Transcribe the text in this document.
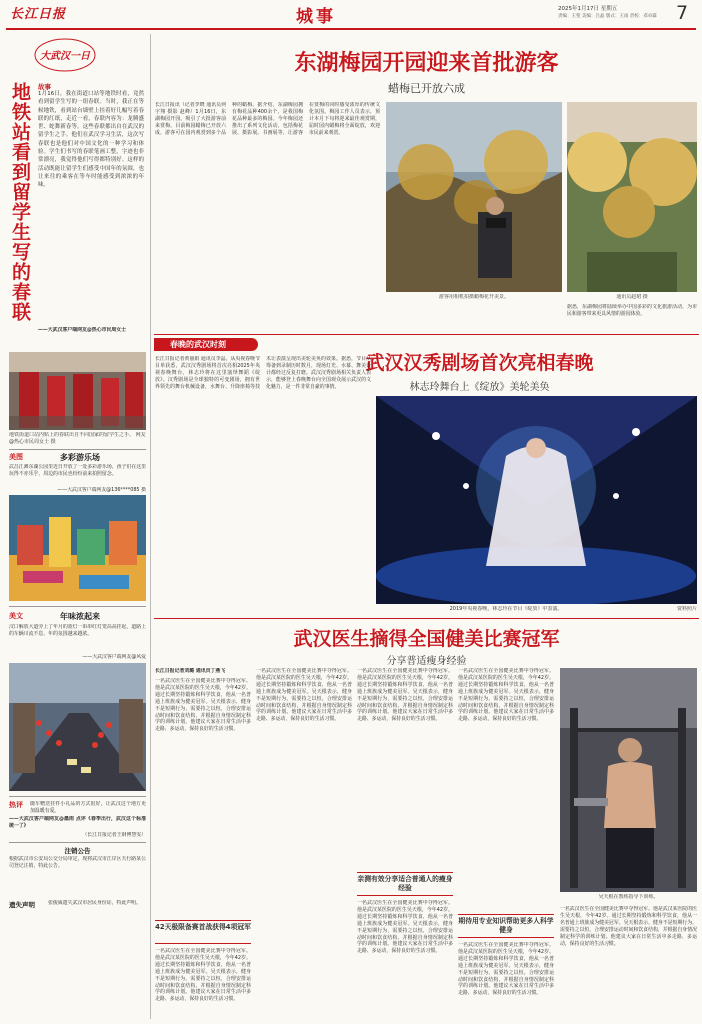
长江日报	城事	2025年1月17日 星期五
责编：王堃 美编：吕晶 版式：王雨 责校：邓卓霖 7
大武汉一日
地铁站看到留学生写的春联 故事
1月16日，我在街道口站等地铁时看，竟然看到留学生写的一组春联。当时，我正在等候地铁，看到站台墙壁上挂着好几幅写着春联的红纸，走近一看，春联内容为：龙腾盛世、蛇舞新春等。这些春联都出自在武汉的留学生之手。他们在武汉学习生活，这次写春联也是他们对中国文化的一种学习和体验。学生们书写的春联笔画工整，字迹也非常漂亮，我觉得他们写得都特别好。这样的活动既能让留学生们感受中国年的氛围，也让来往的乘客在等车时能感受到浓浓的年味。
——大武汉客户端网友@热心市民周女士
地铁街道口站内贴上的春联出自不同国家的留学生之手。 网友@热心市民周女士 摄
美图	多彩游乐场
武昌江滩东湖公园里近日开放了一处多彩游乐场，孩子们在这里玩得不亦乐乎，周边的市民也纷纷前来拍照留念。
——大武汉客户端网友@136****085 摄
美文	年味浓起来
汉口解放大道旁上了年月的蓝灯一串串红灯笼高高挂起，道路上的车辆川流不息，年的氛围越来越浓。
——大武汉客户端网友@风爱
热评 随车赠送挂件小礼品的方式很好，让武汉这个地方更加温暖有爱。
——大武汉客户端网友@墨雨 点评《春季出行，武汉这个标准统一了》
（长江日报记者王钢傅慧雯）
注销公告
根据武汉市公安局公交分局审定，现将武汉市江岸区天行路某公司登记注销，特此公告。
遗失声明	张俊威遗失武汉市居民身份证，特此声明。
东湖梅园开园迎来首批游客
蜡梅已开放六成
长江日报讯（记者李晓 通讯员何宇翔 摄影 赵峰）1月16日，东湖梅园开园，吸引了大批游客前来赏梅。目前梅园蜡梅已开放六成，游客可在园内观赏到多个品种的蜡梅。据介绍，东湖梅园拥有梅花品种400余个，是我国梅花品种最多的梅园。今年梅园还推出了系列文化活动，包括梅花展、摄影展、书画展等，让游客在赏梅的同时感受浓厚的传统文化氛围。梅园工作人员表示，预计本月下旬将迎来最佳观赏期，届时园内蜡梅将全面绽放，欢迎市民前来观赏。
游客用相机拍摄蜡梅花开美景。	通讯员赵珺 摄
据悉，东湖梅园将陆续举办中国多彩的文化旅游活动，为市民和游客带来更具风情的游园体验。
春晚的武汉时刻
武汉汉秀剧场首次亮相春晚
林志玲舞台上《绽放》美轮美奂
长江日报记者黄丽娟 通讯员李晶。从央视春晚节目单获悉，武汉汉秀剧场将首次亮相2025年央视春晚舞台，林志玲将在这里演绎舞蹈《绽放》。汉秀剧场是全球独特的可变剧场，拥有世界领先的舞台机械设备，水舞台、升降座椅等技术让表演呈现出美轮美奂的效果。据悉，节目从筹备到录制历时数月，现场灯光、水幕、舞美设计都经过反复打磨。武汉汉秀剧场相关负责人表示，能够登上春晚舞台向全国观众展示武汉的文化魅力，是一件非常自豪的事情。
2019年央视春晚，林志玲在节目《绽放》中表演。	资料照片
武汉医生摘得全国健美比赛冠军
分享普适瘦身经验
长江日报记者刘璐 通讯员丁燕飞
一名武汉医生在全国健美比赛中夺得冠军。他是武汉某医院的医生吴天根，今年42岁。通过长期坚持锻炼和科学饮食，他从一名普通上班族成为健美冠军。吴天根表示，健身不是短期行为，需要持之以恒，合理安排运动时间和饮食结构，并根据自身情况制定科学的训练计划。他建议大家在日常生活中多走路、多运动，保持良好的生活习惯。
42天极限备赛首战获得4项冠军
一名武汉医生在全国健美比赛中夺得冠军。他是武汉某医院的医生吴天根，今年42岁。通过长期坚持锻炼和科学饮食，他从一名普通上班族成为健美冠军。吴天根表示，健身不是短期行为，需要持之以恒，合理安排运动时间和饮食结构，并根据自身情况制定科学的训练计划。他建议大家在日常生活中多走路、多运动，保持良好的生活习惯。
一名武汉医生在全国健美比赛中夺得冠军。他是武汉某医院的医生吴天根，今年42岁。通过长期坚持锻炼和科学饮食，他从一名普通上班族成为健美冠军。吴天根表示，健身不是短期行为，需要持之以恒，合理安排运动时间和饮食结构，并根据自身情况制定科学的训练计划。他建议大家在日常生活中多走路、多运动，保持良好的生活习惯。
一名武汉医生在全国健美比赛中夺得冠军。他是武汉某医院的医生吴天根，今年42岁。通过长期坚持锻炼和科学饮食，他从一名普通上班族成为健美冠军。吴天根表示，健身不是短期行为，需要持之以恒，合理安排运动时间和饮食结构，并根据自身情况制定科学的训练计划。他建议大家在日常生活中多走路、多运动，保持良好的生活习惯。
亲测有效分享适合普通人的瘦身经验
一名武汉医生在全国健美比赛中夺得冠军。他是武汉某医院的医生吴天根，今年42岁。通过长期坚持锻炼和科学饮食，他从一名普通上班族成为健美冠军。吴天根表示，健身不是短期行为，需要持之以恒，合理安排运动时间和饮食结构，并根据自身情况制定科学的训练计划。他建议大家在日常生活中多走路、多运动，保持良好的生活习惯。
一名武汉医生在全国健美比赛中夺得冠军。他是武汉某医院的医生吴天根，今年42岁。通过长期坚持锻炼和科学饮食，他从一名普通上班族成为健美冠军。吴天根表示，健身不是短期行为，需要持之以恒，合理安排运动时间和饮食结构，并根据自身情况制定科学的训练计划。他建议大家在日常生活中多走路、多运动，保持良好的生活习惯。
期待用专业知识帮助更多人科学健身
一名武汉医生在全国健美比赛中夺得冠军。他是武汉某医院的医生吴天根，今年42岁。通过长期坚持锻炼和科学饮食，他从一名普通上班族成为健美冠军。吴天根表示，健身不是短期行为，需要持之以恒，合理安排运动时间和饮食结构，并根据自身情况制定科学的训练计划。他建议大家在日常生活中多走路、多运动，保持良好的生活习惯。
吴天根在教练指导下训练。
一名武汉医生在全国健美比赛中夺得冠军。他是武汉某医院的医生吴天根，今年42岁。通过长期坚持锻炼和科学饮食，他从一名普通上班族成为健美冠军。吴天根表示，健身不是短期行为，需要持之以恒，合理安排运动时间和饮食结构，并根据自身情况制定科学的训练计划。他建议大家在日常生活中多走路、多运动，保持良好的生活习惯。
